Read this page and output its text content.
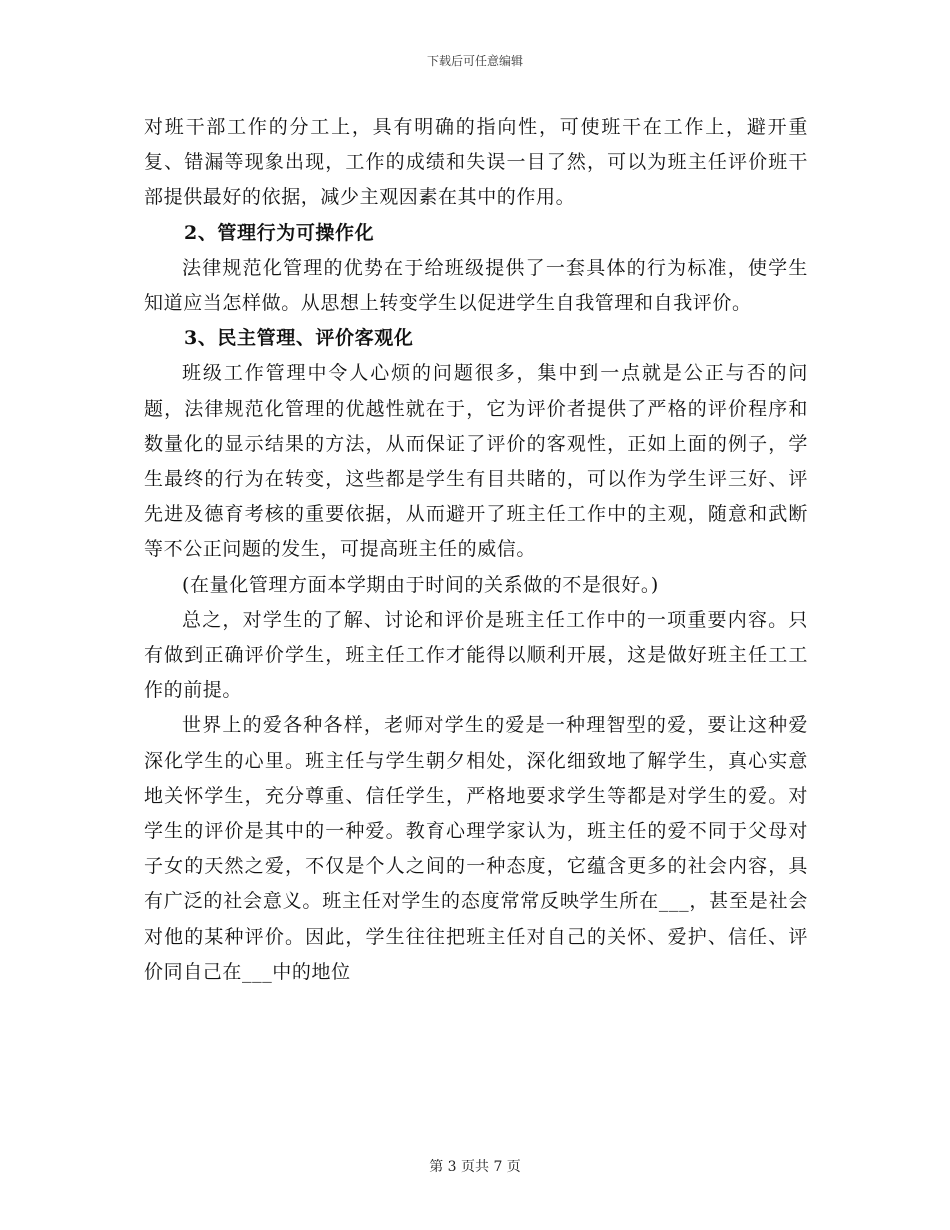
下载后可任意编辑

对班干部工作的分工上，具有明确的指向性，可使班干在工作上，避开重复、错漏等现象出现，工作的成绩和失误一目了然，可以为班主任评价班干部提供最好的依据，减少主观因素在其中的作用。

2、管理行为可操作化

法律规范化管理的优势在于给班级提供了一套具体的行为标准，使学生知道应当怎样做。从思想上转变学生以促进学生自我管理和自我评价。

3、民主管理、评价客观化

班级工作管理中令人心烦的问题很多，集中到一点就是公正与否的问题，法律规范化管理的优越性就在于，它为评价者提供了严格的评价程序和数量化的显示结果的方法，从而保证了评价的客观性，正如上面的例子，学生最终的行为在转变，这些都是学生有目共睹的，可以作为学生评三好、评先进及德育考核的重要依据，从而避开了班主任工作中的主观，随意和武断等不公正问题的发生，可提高班主任的威信。

(在量化管理方面本学期由于时间的关系做的不是很好。)

总之，对学生的了解、讨论和评价是班主任工作中的一项重要内容。只有做到正确评价学生，班主任工作才能得以顺利开展，这是做好班主任工工作的前提。

世界上的爱各种各样，老师对学生的爱是一种理智型的爱，要让这种爱深化学生的心里。班主任与学生朝夕相处，深化细致地了解学生，真心实意地关怀学生，充分尊重、信任学生，严格地要求学生等都是对学生的爱。对学生的评价是其中的一种爱。教育心理学家认为，班主任的爱不同于父母对子女的天然之爱，不仅是个人之间的一种态度，它蕴含更多的社会内容，具有广泛的社会意义。班主任对学生的态度常常反映学生所在___，甚至是社会对他的某种评价。因此，学生往往把班主任对自己的关怀、爱护、信任、评价同自己在___中的地位

第 3 页共 7 页
